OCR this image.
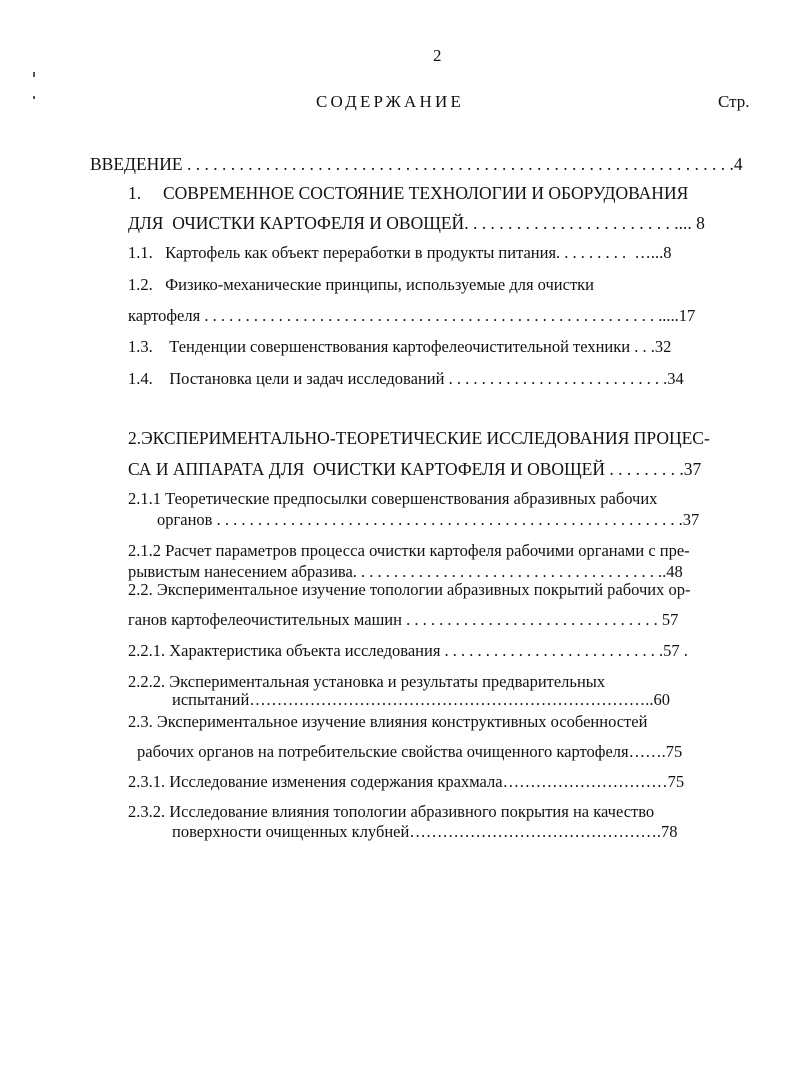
2
СОДЕРЖАНИЕ	Стр.
ВВЕДЕНИЕ . . . . . . . . . . . . . . . . . . . . . . . . . . . . . . . . . . . . . . . . . . . . . . . . . . . . . . . . . . . . . . .4
1.     СОВРЕМЕННОЕ СОСТОЯНИЕ ТЕХНОЛОГИИ И ОБОРУДОВАНИЯ
ДЛЯ  ОЧИСТКИ КАРТОФЕЛЯ И ОВОЩЕЙ. . . . . . . . . . . . . . . . . . . . . . . . .... 8
1.1.   Картофель как объект переработки в продукты питания. . . . . . . . .  …...8
1.2.   Физико-механические принципы, используемые для очистки
картофеля . . . . . . . . . . . . . . . . . . . . . . . . . . . . . . . . . . . . . . . . . . . . . . . . . . . . . . . .....17
1.3.    Тенденции совершенствования картофелеочистительной техники . . .32
1.4.    Постановка цели и задач исследований . . . . . . . . . . . . . . . . . . . . . . . . . . .34
2.ЭКСПЕРИМЕНТАЛЬНО-ТЕОРЕТИЧЕСКИЕ ИССЛЕДОВАНИЯ ПРОЦЕС-
СА И АППАРАТА ДЛЯ  ОЧИСТКИ КАРТОФЕЛЯ И ОВОЩЕЙ . . . . . . . . .37
2.1.1 Теоретические предпосылки совершенствования абразивных рабочих
органов . . . . . . . . . . . . . . . . . . . . . . . . . . . . . . . . . . . . . . . . . . . . . . . . . . . . . . . . .37
2.1.2 Расчет параметров процесса очистки картофеля рабочими органами с пре-
рывистым нанесением абразива. . . . . . . . . . . . . . . . . . . . . . . . . . . . . . . . . . . . . ..48
2.2. Экспериментальное изучение топологии абразивных покрытий рабочих ор-
ганов картофелеочистительных машин . . . . . . . . . . . . . . . . . . . . . . . . . . . . . . . 57
2.2.1. Характеристика объекта исследования . . . . . . . . . . . . . . . . . . . . . . . . . . .57 .
2.2.2. Экспериментальная установка и результаты предварительных
испытаний………………………………………………………………..60
2.3. Экспериментальное изучение влияния конструктивных особенностей
рабочих органов на потребительские свойства очищенного картофеля…….75
2.3.1. Исследование изменения содержания крахмала…………………………75
2.3.2. Исследование влияния топологии абразивного покрытия на качество
поверхности очищенных клубней……………………………………….78
